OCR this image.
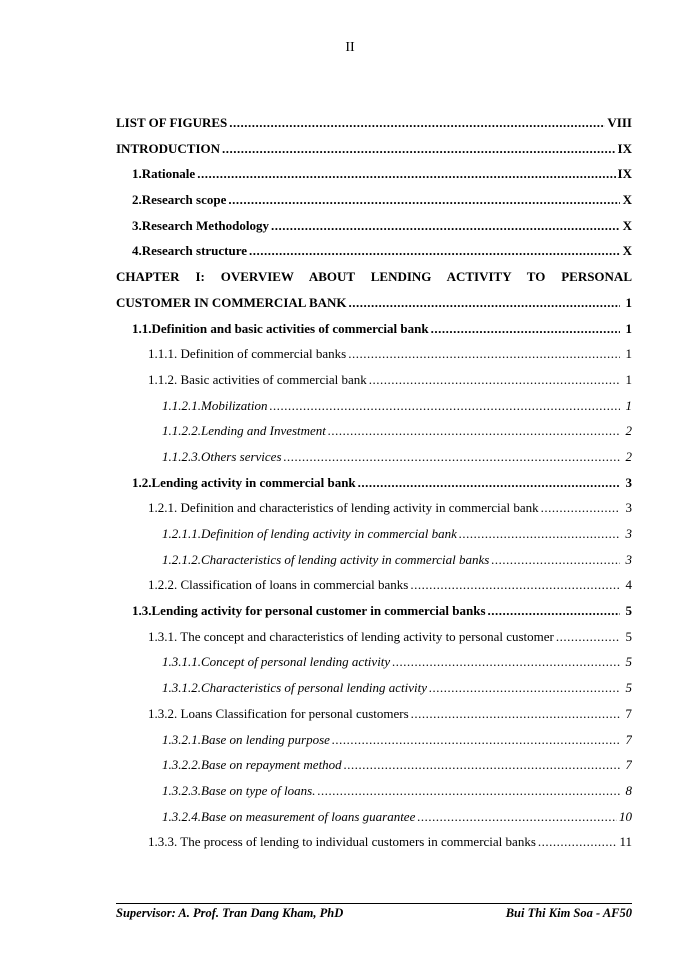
II
LIST OF FIGURES .....	VIII
INTRODUCTION .....	IX
1.Rationale .....	IX
2.Research scope .....	X
3.Research Methodology .....	X
4.Research structure .....	X
CHAPTER I: OVERVIEW ABOUT LENDING ACTIVITY TO PERSONAL
CUSTOMER IN COMMERCIAL BANK .....	1
1.1.Definition and basic activities of commercial bank .....	1
1.1.1. Definition of commercial banks .....	1
1.1.2. Basic activities of commercial bank .....	1
1.1.2.1.Mobilization .....	1
1.1.2.2.Lending and Investment .....	2
1.1.2.3.Others services .....	2
1.2.Lending activity in commercial bank .....	3
1.2.1. Definition and characteristics of lending activity in commercial bank .....	3
1.2.1.1.Definition of lending activity in commercial bank .....	3
1.2.1.2.Characteristics of lending activity in commercial banks .....	3
1.2.2. Classification of loans in commercial banks .....	4
1.3.Lending activity for personal customer in commercial banks .....	5
1.3.1. The concept and characteristics of lending activity to personal customer .....	5
1.3.1.1.Concept of personal lending activity .....	5
1.3.1.2.Characteristics of personal lending activity .....	5
1.3.2. Loans Classification for personal customers .....	7
1.3.2.1.Base on lending purpose .....	7
1.3.2.2.Base on repayment method .....	7
1.3.2.3.Base on type of loans. .....	8
1.3.2.4.Base on measurement of loans guarantee .....	10
1.3.3. The process of lending to individual customers in commercial banks .....	11
Supervisor: A. Prof. Tran Dang Kham, PhD	Bui Thi Kim Soa - AF50
